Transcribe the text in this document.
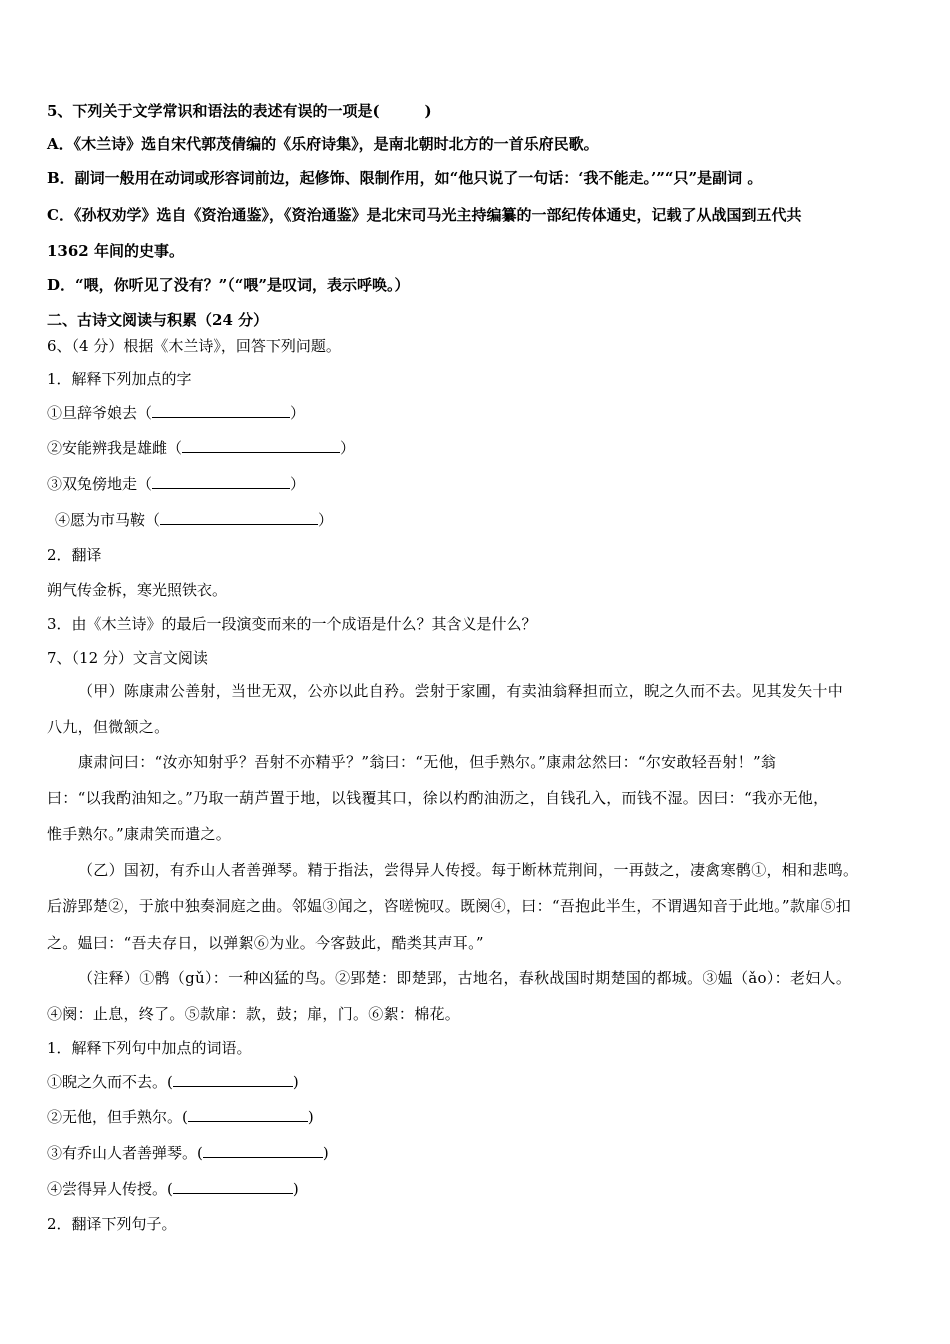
5、下列关于文学常识和语法的表述有误的一项是(　　　)
A．《木兰诗》选自宋代郭茂倩编的《乐府诗集》，是南北朝时北方的一首乐府民歌。
B．副词一般用在动词或形容词前边，起修饰、限制作用，如“他只说了一句话：‘我不能走。’”“只”是副词 。
C．《孙权劝学》选自《资治通鉴》，《资治通鉴》是北宋司马光主持编纂的一部纪传体通史，记载了从战国到五代共
1362 年间的史事。
D．“喂，你听见了没有？”（“喂”是叹词，表示呼唤。）
二、古诗文阅读与积累（24 分）
6、（4 分）根据《木兰诗》，回答下列问题。
1．解释下列加点的字
①旦辞爷娘去（	）
②安能辨我是雄雌（	）
③双兔傍地走（	）
④愿为市马鞍（	）
2．翻译
朔气传金柝，寒光照铁衣。
3．由《木兰诗》的最后一段演变而来的一个成语是什么？其含义是什么？
7、（12 分）文言文阅读
（甲）陈康肃公善射，当世无双，公亦以此自矜。尝射于家圃，有卖油翁释担而立，睨之久而不去。见其发矢十中
八九，但微颔之。
康肃问曰：“汝亦知射乎？吾射不亦精乎？”翁曰：“无他，但手熟尔。”康肃忿然曰：“尔安敢轻吾射！”翁
曰：“以我酌油知之。”乃取一葫芦置于地，以钱覆其口，徐以杓酌油沥之，自钱孔入，而钱不湿。因曰：“我亦无他，
惟手熟尔。”康肃笑而遣之。
（乙）国初，有乔山人者善弹琴。精于指法，尝得异人传授。每于断林荒荆间，一再鼓之，凄禽寒鹘①，相和悲鸣。
后游郢楚②，于旅中独奏洞庭之曲。邻媪③闻之，咨嗟惋叹。既阕④，曰：“吾抱此半生，不谓遇知音于此地。”款扉⑤扣
之。媪曰：“吾夫存日，以弹絮⑥为业。今客鼓此，酷类其声耳。”
（注释）①鹘（gǔ）：一种凶猛的鸟。②郢楚：即楚郢，古地名，春秋战国时期楚国的都城。③媪（ǎo）：老妇人。
④阕：止息，终了。⑤款扉：款，鼓；扉，门。⑥絮：棉花。
1．解释下列句中加点的词语。
①睨之久而不去。(	)
②无他，但手熟尔。(	)
③有乔山人者善弹琴。(	)
④尝得异人传授。(	)
2．翻译下列句子。
